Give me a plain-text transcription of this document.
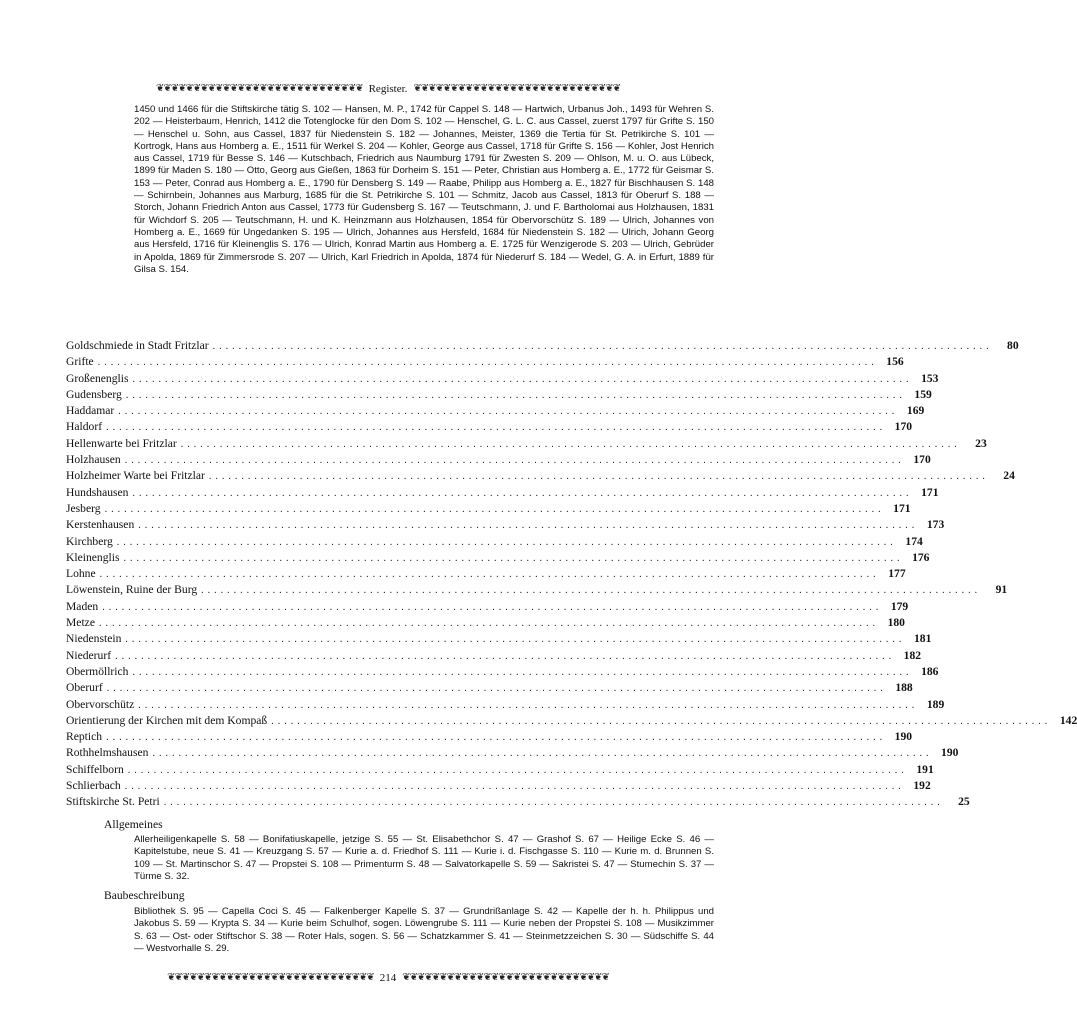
❦❦❦❦❦❦❦❦❦❦❦❦❦❦❦❦❦❦❦❦❦❦❦❦❦❦❦❦ Register. ❦❦❦❦❦❦❦❦❦❦❦❦❦❦❦❦❦❦❦❦❦❦❦❦❦❦❦❦
1450 und 1466 für die Stiftskirche tätig S. 102 — Hansen, M. P., 1742 für Cappel S. 148 — Hartwich, Urbanus Joh., 1493 für Wehren S. 202 — Heisterbaum, Henrich, 1412 die Totenglocke für den Dom S. 102 — Henschel, G. L. C. aus Cassel, zuerst 1797 für Grifte S. 150 — Henschel u. Sohn, aus Cassel, 1837 für Niedenstein S. 182 — Johannes, Meister, 1369 die Tertia für St. Petrikirche S. 101 — Kortrogk, Hans aus Homberg a. E., 1511 für Werkel S. 204 — Kohler, George aus Cassel, 1718 für Grifte S. 156 — Kohler, Jost Henrich aus Cassel, 1719 für Besse S. 146 — Kutschbach, Friedrich aus Naumburg 1791 für Zwesten S. 209 — Ohlson, M. u. O. aus Lübeck, 1899 für Maden S. 180 — Otto, Georg aus Gießen, 1863 für Dorheim S. 151 — Peter, Christian aus Homberg a. E., 1772 für Geismar S. 153 — Peter, Conrad aus Homberg a. E., 1790 für Densberg S. 149 — Raabe, Philipp aus Homberg a. E., 1827 für Bischhausen S. 148 — Schirnbein, Johannes aus Marburg, 1685 für die St. Petrikirche S. 101 — Schmitz, Jacob aus Cassel, 1813 für Oberurf S. 188 — Storch, Johann Friedrich Anton aus Cassel, 1773 für Gudensberg S. 167 — Teutschmann, J. und F. Bartholomai aus Holzhausen, 1831 für Wichdorf S. 205 — Teutschmann, H. und K. Heinzmann aus Holzhausen, 1854 für Obervorschütz S. 189 — Ulrich, Johannes von Homberg a. E., 1669 für Ungedanken S. 195 — Ulrich, Johannes aus Hersfeld, 1684 für Niedenstein S. 182 — Ulrich, Johann Georg aus Hersfeld, 1716 für Kleinenglis S. 176 — Ulrich, Konrad Martin aus Homberg a. E. 1725 für Wenzigerode S. 203 — Ulrich, Gebrüder in Apolda, 1869 für Zimmersrode S. 207 — Ulrich, Karl Friedrich in Apolda, 1874 für Niederurf S. 184 — Wedel, G. A. in Erfurt, 1889 für Gilsa S. 154.
Goldschmiede in Stadt Fritzlar ........................................................................................................................	80
Grifte ........................................................................................................................ 156
Großenenglis ........................................................................................................................ 153
Gudensberg ........................................................................................................................ 159
Haddamar ........................................................................................................................ 169
Haldorf ........................................................................................................................ 170
Hellenwarte bei Fritzlar ........................................................................................................................	23
Holzhausen ........................................................................................................................ 170
Holzheimer Warte bei Fritzlar ........................................................................................................................	24
Hundshausen ........................................................................................................................ 171
Jesberg ........................................................................................................................ 171
Kerstenhausen ........................................................................................................................ 173
Kirchberg ........................................................................................................................ 174
Kleinenglis ........................................................................................................................ 176
Lohne ........................................................................................................................ 177
Löwenstein, Ruine der Burg ........................................................................................................................	91
Maden ........................................................................................................................ 179
Metze ........................................................................................................................ 180
Niedenstein ........................................................................................................................ 181
Niederurf ........................................................................................................................ 182
Obermöllrich ........................................................................................................................ 186
Oberurf ........................................................................................................................ 188
Obervorschütz ........................................................................................................................ 189
Orientierung der Kirchen mit dem Kompaß ........................................................................................................................ 142
Reptich ........................................................................................................................ 190
Rothhelmshausen ........................................................................................................................ 190
Schiffelborn ........................................................................................................................ 191
Schlierbach ........................................................................................................................ 192
Stiftskirche St. Petri ........................................................................................................................	25
Allgemeines
Allerheiligenkapelle S. 58 — Bonifatiuskapelle, jetzige S. 55 — St. Elisabethchor S. 47 — Grashof S. 67 — Heilige Ecke S. 46 — Kapitelstube, neue S. 41 — Kreuzgang S. 57 — Kurie a. d. Friedhof S. 111 — Kurie i. d. Fischgasse S. 110 — Kurie m. d. Brunnen S. 109 — St. Martinschor S. 47 — Propstei S. 108 — Primenturm S. 48 — Salvatorkapelle S. 59 — Sakristei S. 47 — Stumechin S. 37 — Türme S. 32.
Baubeschreibung
Bibliothek S. 95 — Capella Coci S. 45 — Falkenberger Kapelle S. 37 — Grundrißanlage S. 42 — Kapelle der h. h. Philippus und Jakobus S. 59 — Krypta S. 34 — Kurie beim Schulhof, sogen. Löwengrube S. 111 — Kurie neben der Propstei S. 108 — Musikzimmer S. 63 — Ost- oder Stiftschor S. 38 — Roter Hals, sogen. S. 56 — Schatzkammer S. 41 — Steinmetzzeichen S. 30 — Südschiffe S. 44 — Westvorhalle S. 29.
❦❦❦❦❦❦❦❦❦❦❦❦❦❦❦❦❦❦❦❦❦❦❦❦❦❦❦❦ 214 ❦❦❦❦❦❦❦❦❦❦❦❦❦❦❦❦❦❦❦❦❦❦❦❦❦❦❦❦
